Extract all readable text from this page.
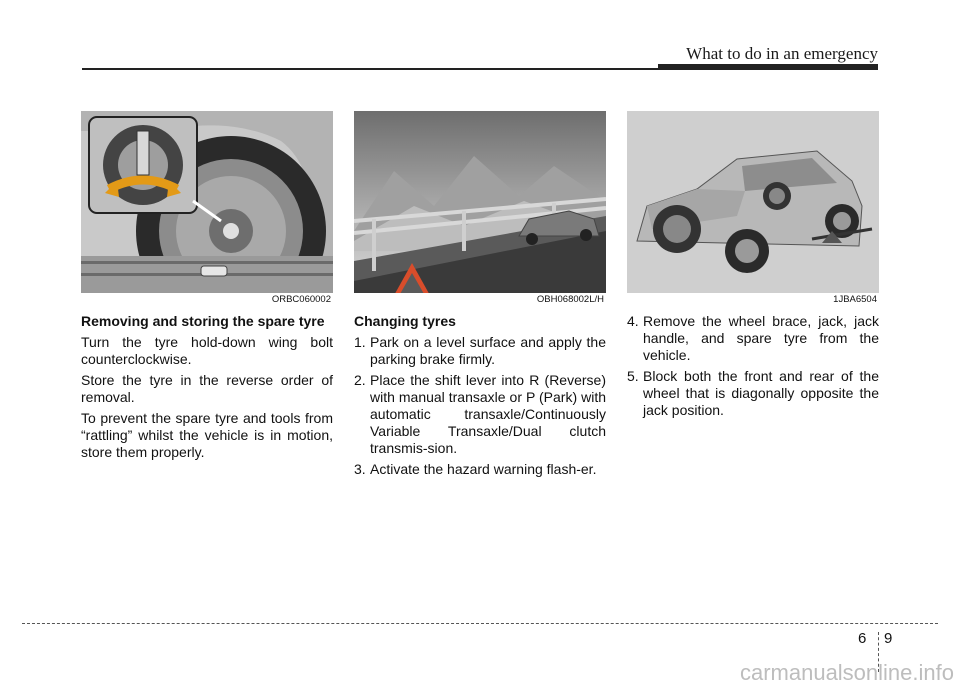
What to do in an emergency
ORBC060002
Removing and storing the spare tyre

Turn the tyre hold-down wing bolt counterclockwise.

Store the tyre in the reverse order of removal.

To prevent the spare tyre and tools from “rattling” whilst the vehicle is in motion, store them properly.

OBH068002L/H
Changing tyres
1. Park on a level surface and apply the parking brake firmly.
2. Place the shift lever into R (Reverse) with manual transaxle or P (Park) with automatic transaxle/Continuously Variable Transaxle/Dual clutch transmis-sion.
3. Activate the hazard warning flash-er.
1JBA6504
4. Remove the wheel brace, jack, jack handle, and spare tyre from the vehicle.
5. Block both the front and rear of the wheel that is diagonally opposite the jack position.
6 9
carmanualsonline.info
